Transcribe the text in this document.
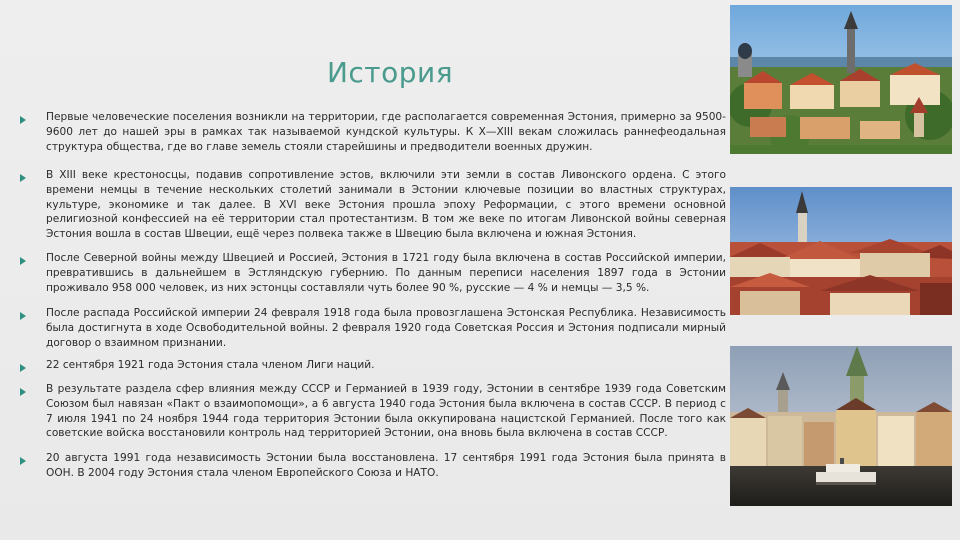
История
Первые человеческие поселения возникли на территории, где располагается современная Эстония, примерно за 9500-9600 лет до нашей эры в рамках так называемой кундской культуры. К X—XIII векам сложилась раннефеодальная структура общества, где во главе земель стояли старейшины и предводители военных дружин.
В XIII веке крестоносцы, подавив сопротивление эстов, включили эти земли в состав Ливонского ордена. С этого времени немцы в течение нескольких столетий занимали в Эстонии ключевые позиции во властных структурах, культуре, экономике и так далее. В XVI веке Эстония прошла эпоху Реформации, с этого времени основной религиозной конфессией на её территории стал протестантизм. В том же веке по итогам Ливонской войны северная Эстония вошла в состав Швеции, ещё через полвека также в Швецию была включена и южная Эстония.
После Северной войны между Швецией и Россией, Эстония в 1721 году была включена в состав Российской империи, превратившись в дальнейшем в Эстляндскую губернию. По данным переписи населения 1897 года в Эстонии проживало 958 000 человек, из них эстонцы составляли чуть более 90 %, русские — 4 % и немцы — 3,5 %.
После распада Российской империи 24 февраля 1918 года была провозглашена Эстонская Республика. Независимость была достигнута в ходе Освободительной войны. 2 февраля 1920 года Советская Россия и Эстония подписали мирный договор о взаимном признании.
22 сентября 1921 года Эстония стала членом Лиги наций.
В результате раздела сфер влияния между СССР и Германией в 1939 году, Эстонии в сентябре 1939 года Советским Союзом был навязан «Пакт о взаимопомощи», а 6 августа 1940 года Эстония была включена в состав СССР. В период с 7 июля 1941 по 24 ноября 1944 года территория Эстонии была оккупирована нацистской Германией. После того как советские войска восстановили контроль над территорией Эстонии, она вновь была включена в состав СССР.
20 августа 1991 года независимость Эстонии была восстановлена. 17 сентября 1991 года Эстония была принята в ООН. В 2004 году Эстония стала членом Европейского Союза и НАТО.
